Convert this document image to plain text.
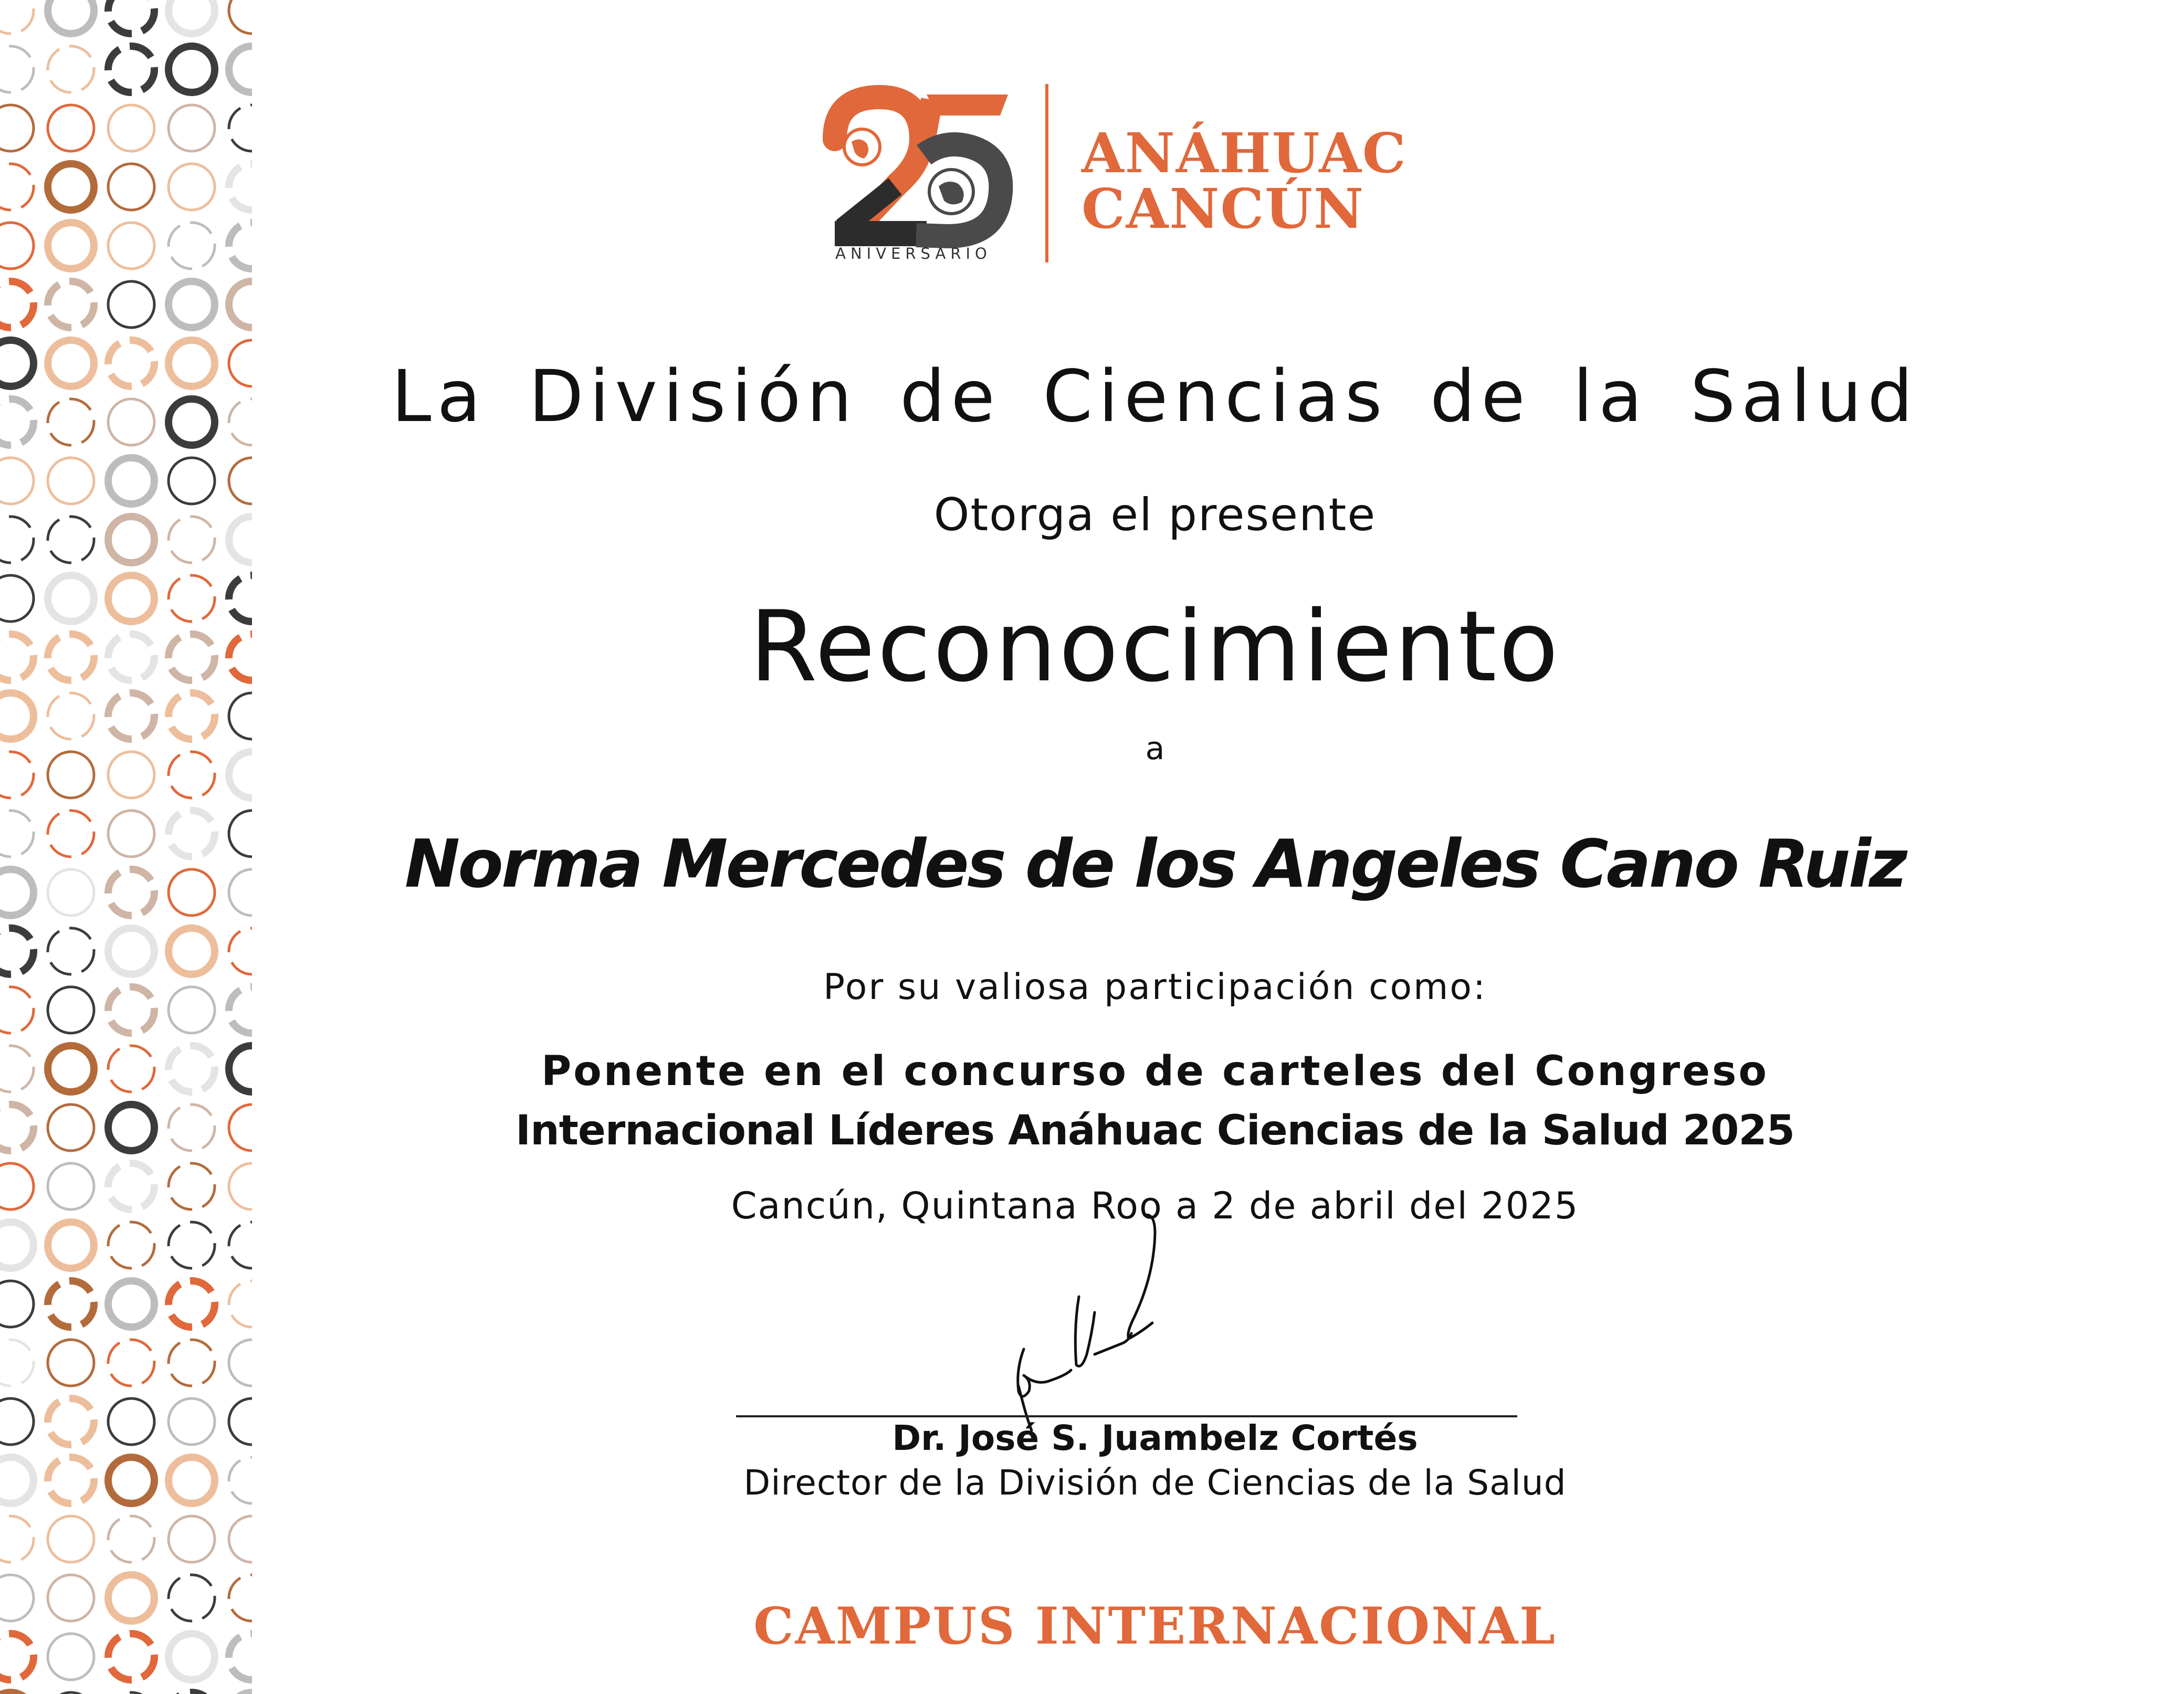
ANIVERSARIO
ANÁHUAC
CANCÚN
La División de Ciencias de la Salud
Otorga el presente
Reconocimiento
a
Norma Mercedes de los Angeles Cano Ruiz
Por su valiosa participación como:
Ponente en el concurso de carteles del Congreso
Internacional Líderes Anáhuac Ciencias de la Salud 2025
Cancún, Quintana Roo a 2 de abril del 2025
Dr. José S. Juambelz Cortés
Director de la División de Ciencias de la Salud
CAMPUS INTERNACIONAL
